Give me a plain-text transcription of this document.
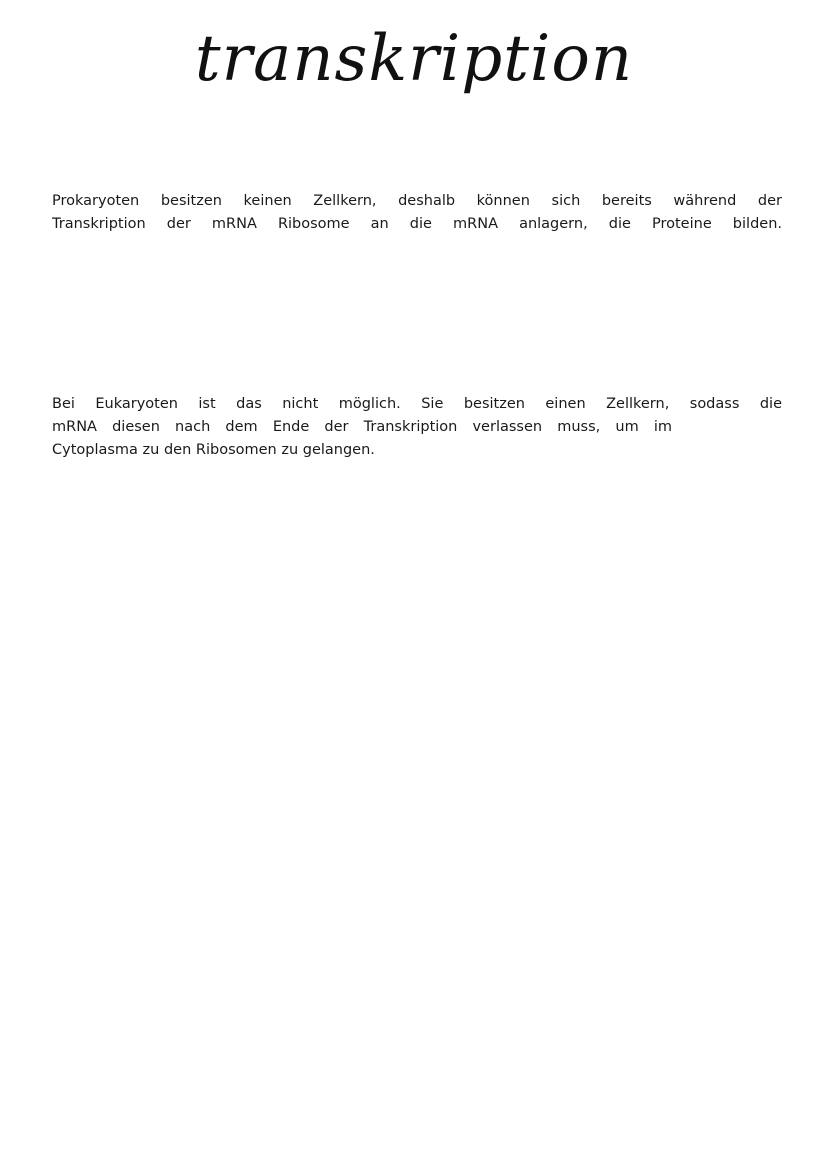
transkription
Prokaryoten besitzen keinen Zellkern, deshalb können sich bereits während der
Transkription der mRNA Ribosome an die mRNA anlagern, die Proteine bilden.
Bei Eukaryoten ist das nicht möglich. Sie besitzen einen Zellkern, sodass die
mRNA diesen nach dem Ende der Transkription verlassen muss, um im
Cytoplasma zu den Ribosomen zu gelangen.
